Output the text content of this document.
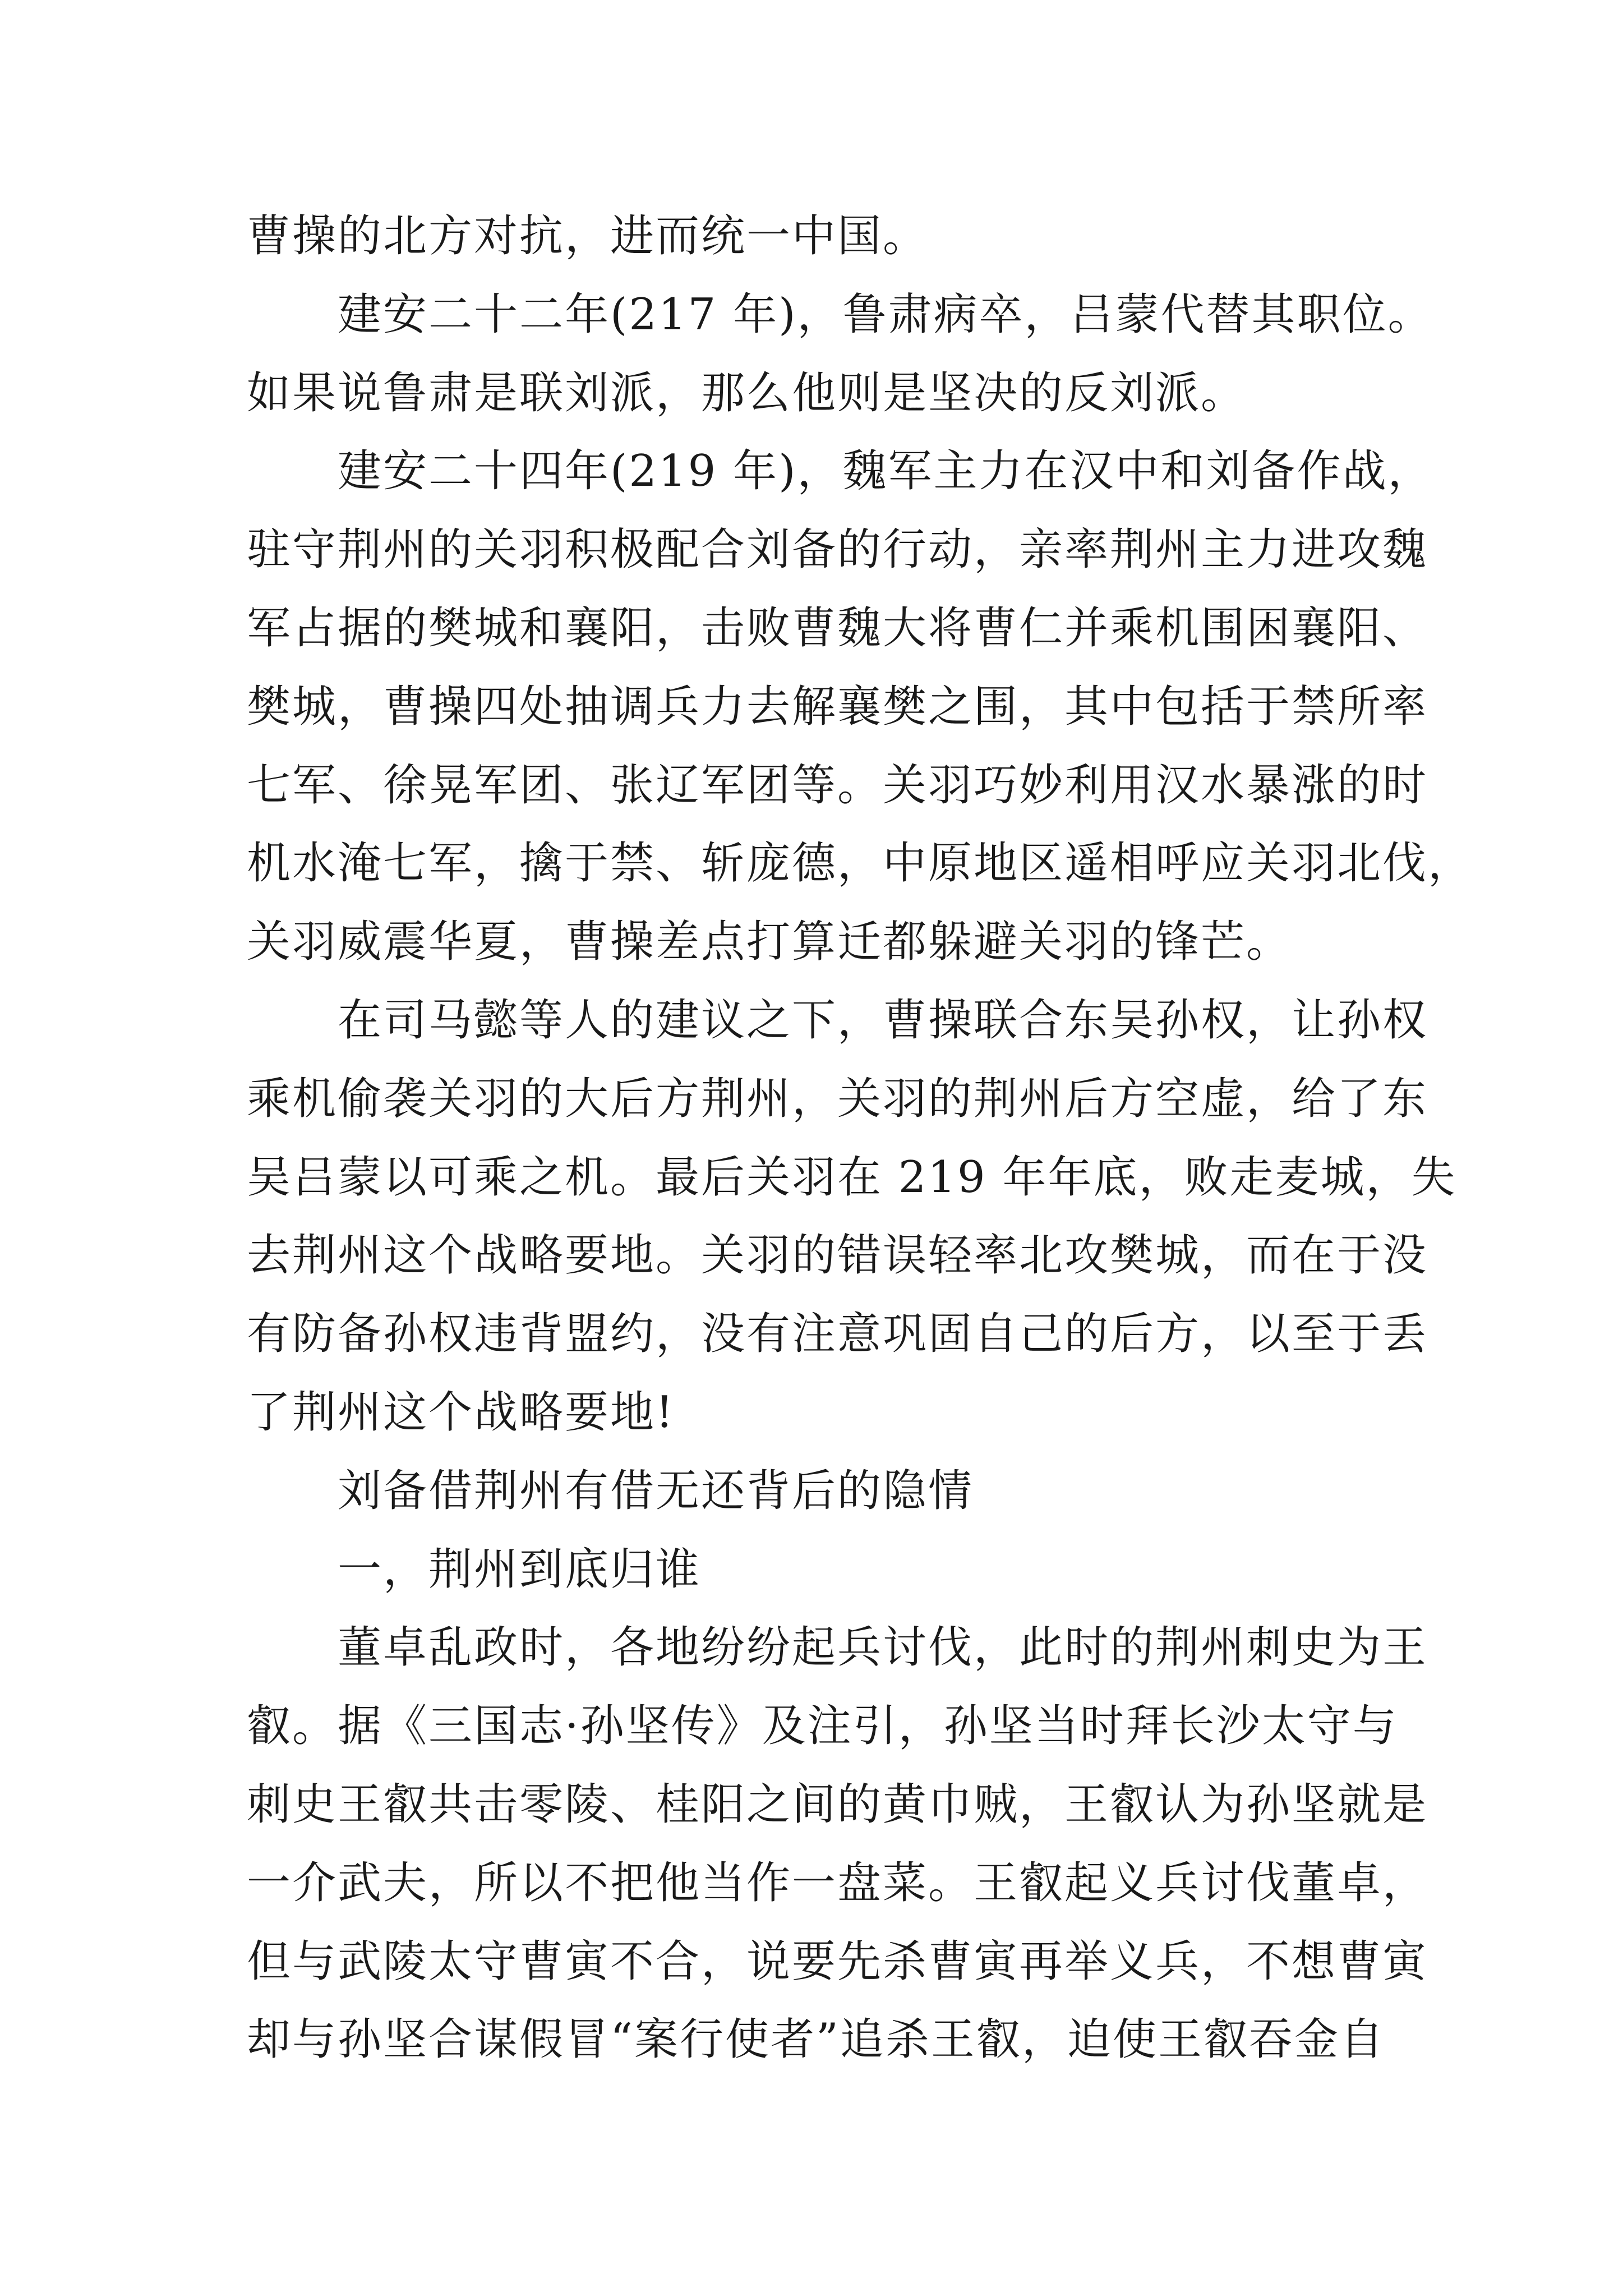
曹操的北方对抗，进而统一中国。
建安二十二年(217 年)，鲁肃病卒，吕蒙代替其职位。
如果说鲁肃是联刘派，那么他则是坚决的反刘派。
建安二十四年(219 年)，魏军主力在汉中和刘备作战，
驻守荆州的关羽积极配合刘备的行动，亲率荆州主力进攻魏
军占据的樊城和襄阳，击败曹魏大将曹仁并乘机围困襄阳、
樊城，曹操四处抽调兵力去解襄樊之围，其中包括于禁所率
七军、徐晃军团、张辽军团等。关羽巧妙利用汉水暴涨的时
机水淹七军，擒于禁、斩庞德，中原地区遥相呼应关羽北伐，
关羽威震华夏，曹操差点打算迁都躲避关羽的锋芒。
在司马懿等人的建议之下，曹操联合东吴孙权，让孙权
乘机偷袭关羽的大后方荆州，关羽的荆州后方空虚，给了东
吴吕蒙以可乘之机。最后关羽在 219 年年底，败走麦城，失
去荆州这个战略要地。关羽的错误轻率北攻樊城，而在于没
有防备孙权违背盟约，没有注意巩固自己的后方，以至于丢
了荆州这个战略要地!
刘备借荆州有借无还背后的隐情
一，荆州到底归谁
董卓乱政时，各地纷纷起兵讨伐，此时的荆州刺史为王
叡。据《三国志·孙坚传》及注引，孙坚当时拜长沙太守与
刺史王叡共击零陵、桂阳之间的黄巾贼，王叡认为孙坚就是
一介武夫，所以不把他当作一盘菜。王叡起义兵讨伐董卓，
但与武陵太守曹寅不合，说要先杀曹寅再举义兵，不想曹寅
却与孙坚合谋假冒“案行使者”追杀王叡，迫使王叡吞金自
